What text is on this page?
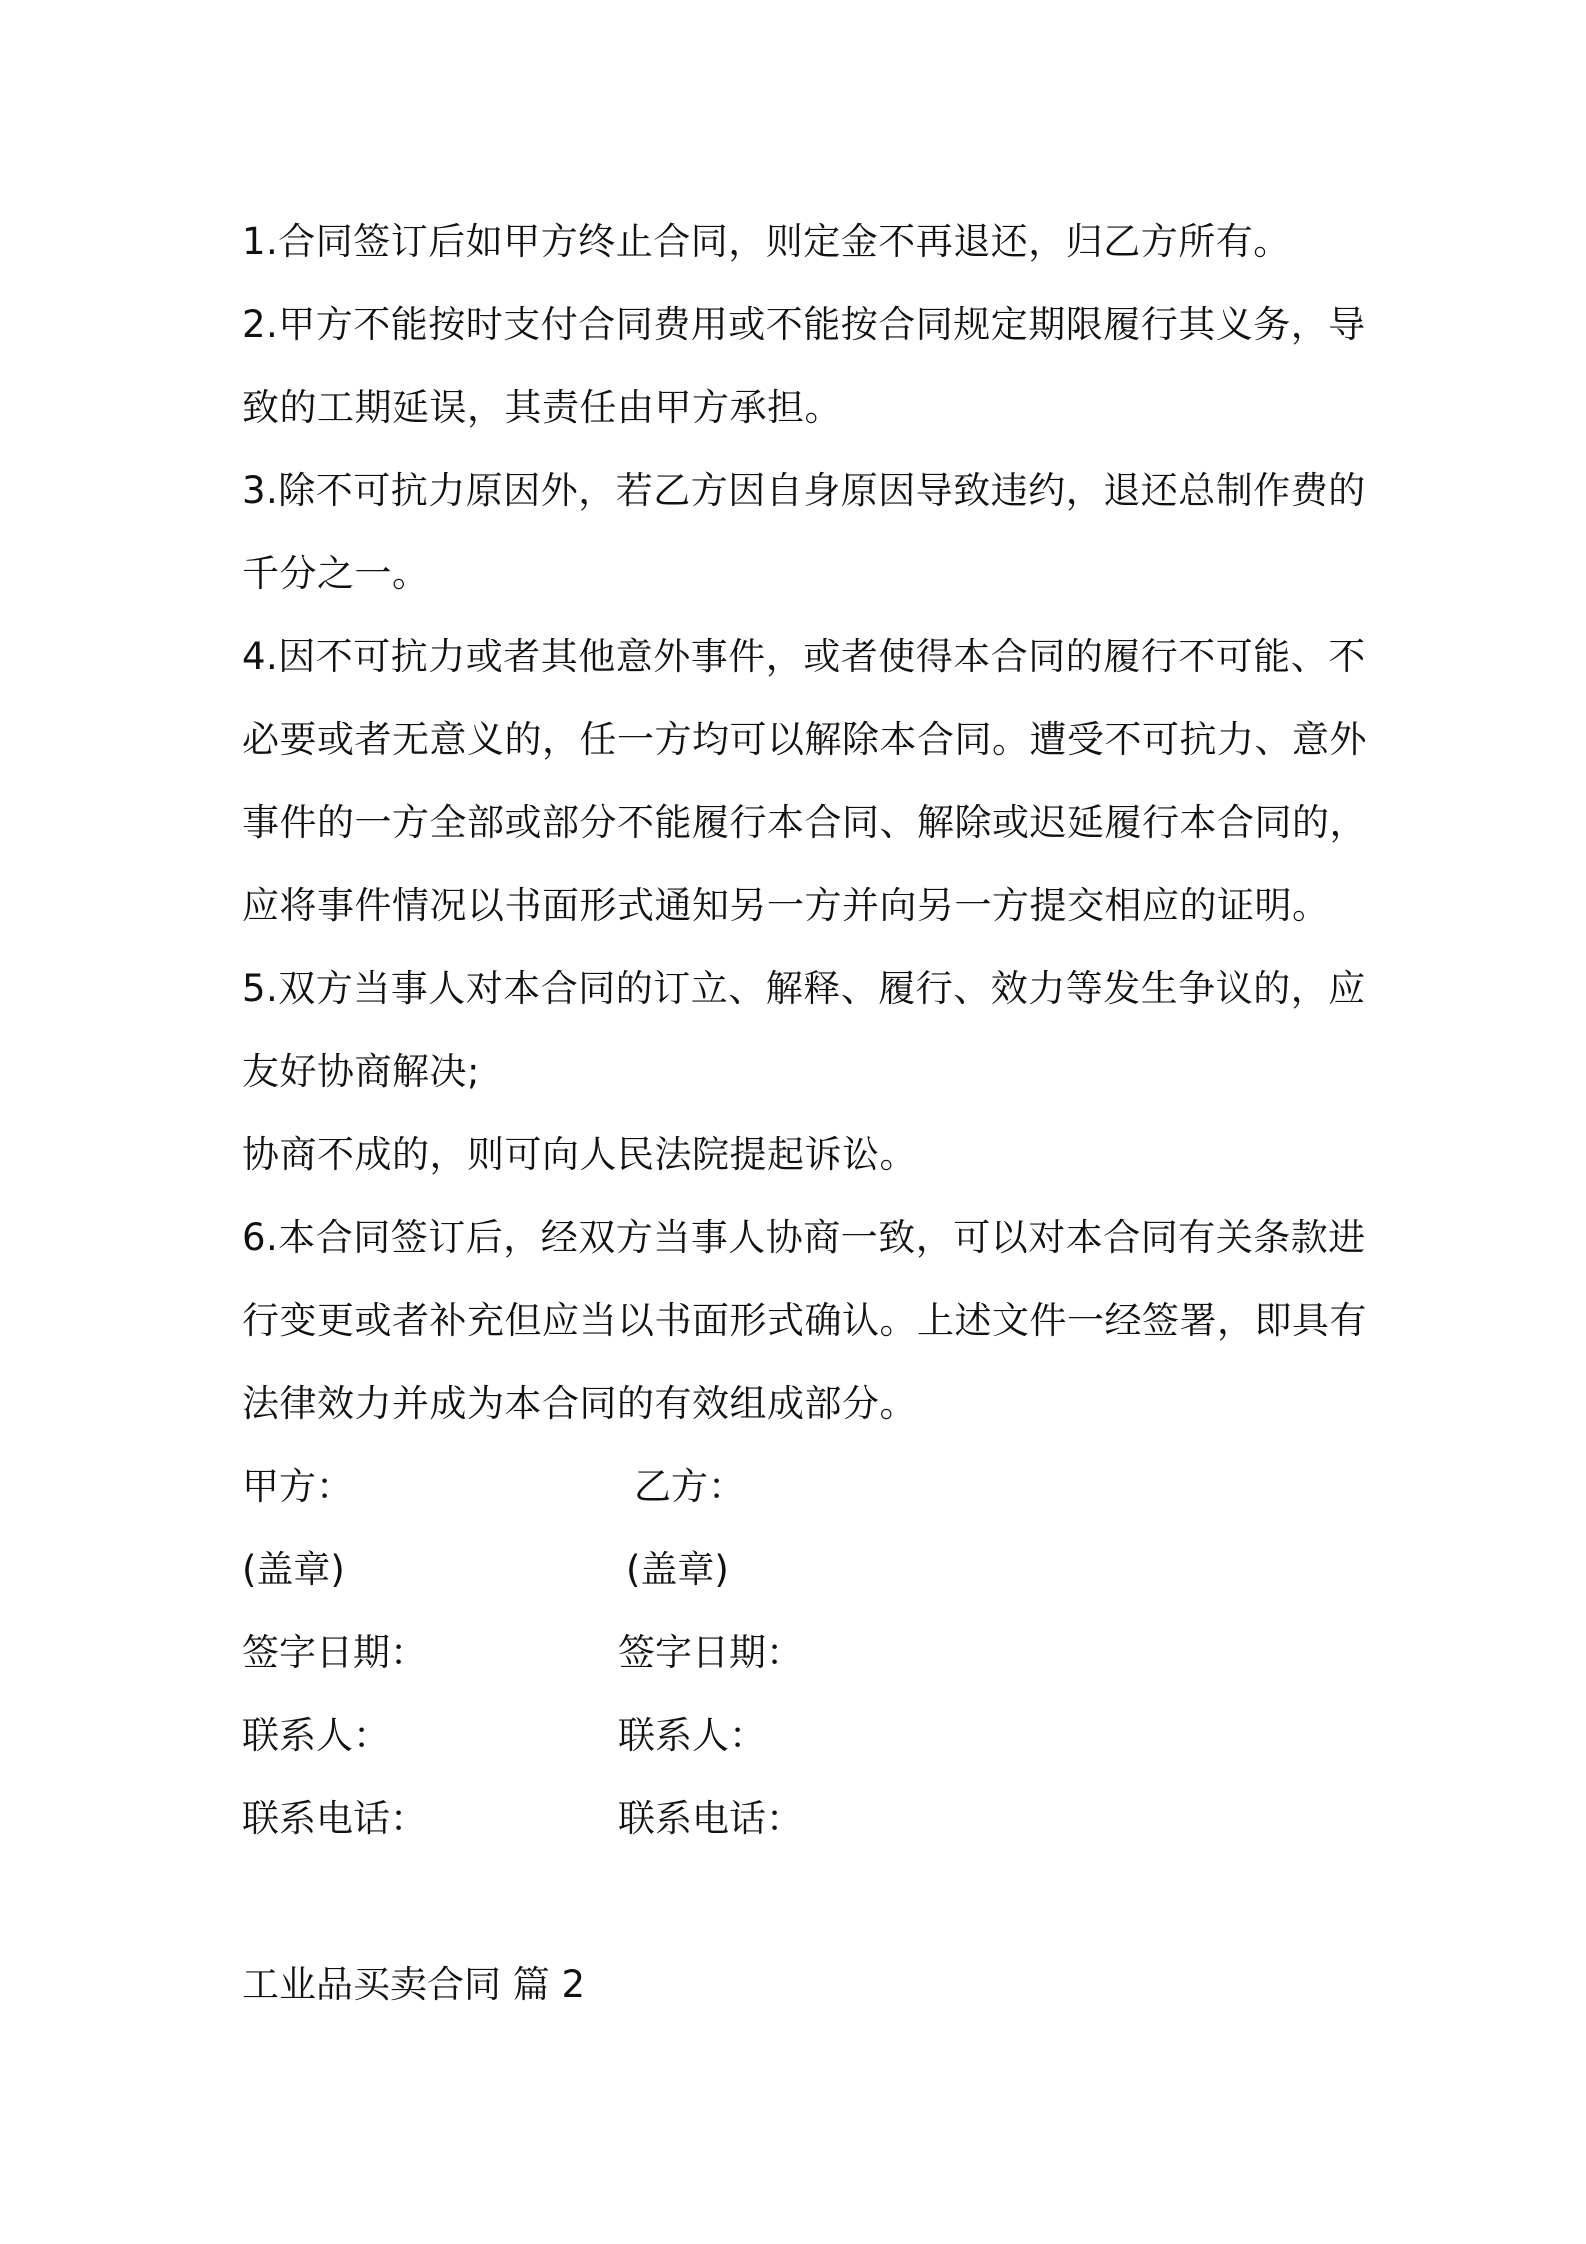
1.合同签订后如甲方终止合同，则定金不再退还，归乙方所有。
2.甲方不能按时支付合同费用或不能按合同规定期限履行其义务，导
致的工期延误，其责任由甲方承担。
3.除不可抗力原因外，若乙方因自身原因导致违约，退还总制作费的
千分之一。
4.因不可抗力或者其他意外事件，或者使得本合同的履行不可能、不
必要或者无意义的，任一方均可以解除本合同。遭受不可抗力、意外
事件的一方全部或部分不能履行本合同、解除或迟延履行本合同的，
应将事件情况以书面形式通知另一方并向另一方提交相应的证明。
5.双方当事人对本合同的订立、解释、履行、效力等发生争议的，应
友好协商解决;
协商不成的，则可向人民法院提起诉讼。
6.本合同签订后，经双方当事人协商一致，可以对本合同有关条款进
行变更或者补充但应当以书面形式确认。上述文件一经签署，即具有
法律效力并成为本合同的有效组成部分。
甲方：	乙方：
(盖章)	(盖章)
签字日期：	签字日期：
联系人：	联系人：
联系电话：	联系电话：
工业品买卖合同 篇 2
